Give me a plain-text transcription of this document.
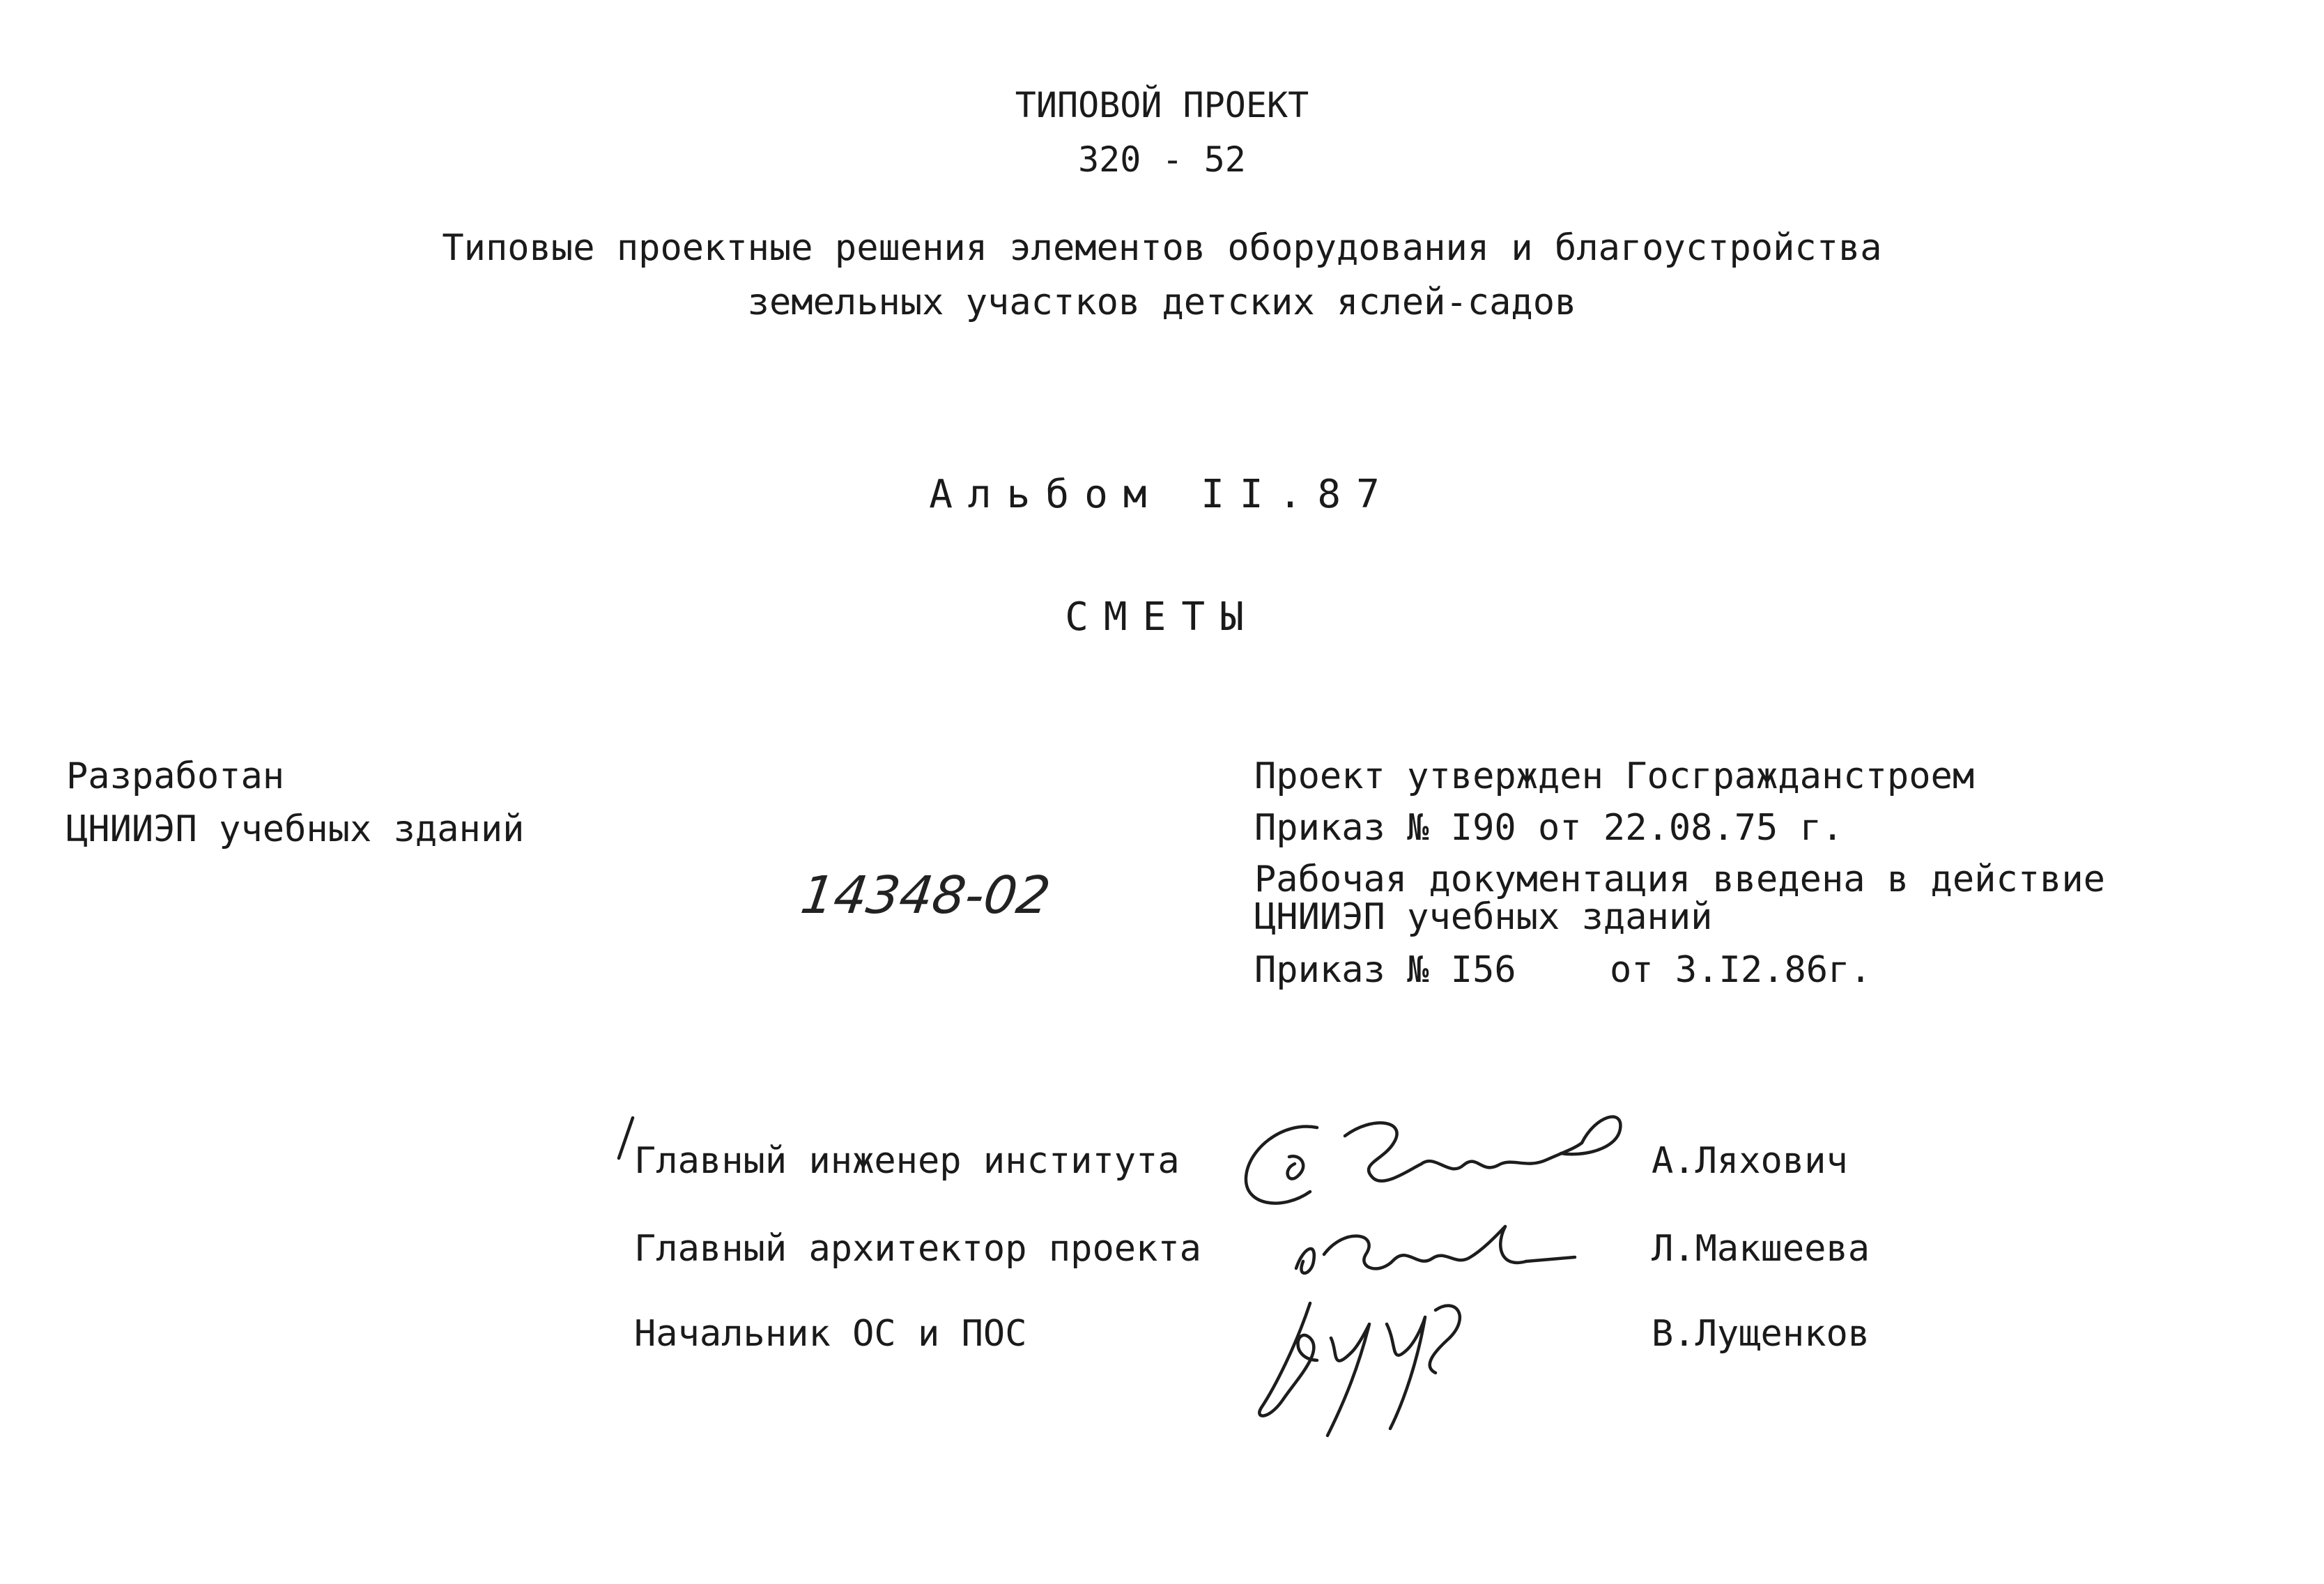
ТИПОВОЙ ПРОЕКТ
320 - 52
Типовые проектные решения элементов оборудования и благоустройства
земельных участков детских яслей-садов
Альбом II.87
СМЕТЫ
Разработан
ЦНИИЭП учебных зданий
14348-02
Проект утвержден Госгражданстроем
Приказ № I90 от 22.08.75 г.
Рабочая документация введена в действие
ЦНИИЭП учебных зданий
Приказ № I56	от 3.I2.86г.
Главный инженер института	А.Ляхович
Главный архитектор проекта	Л.Макшеева
Начальник ОС и ПОС	В.Лущенков
